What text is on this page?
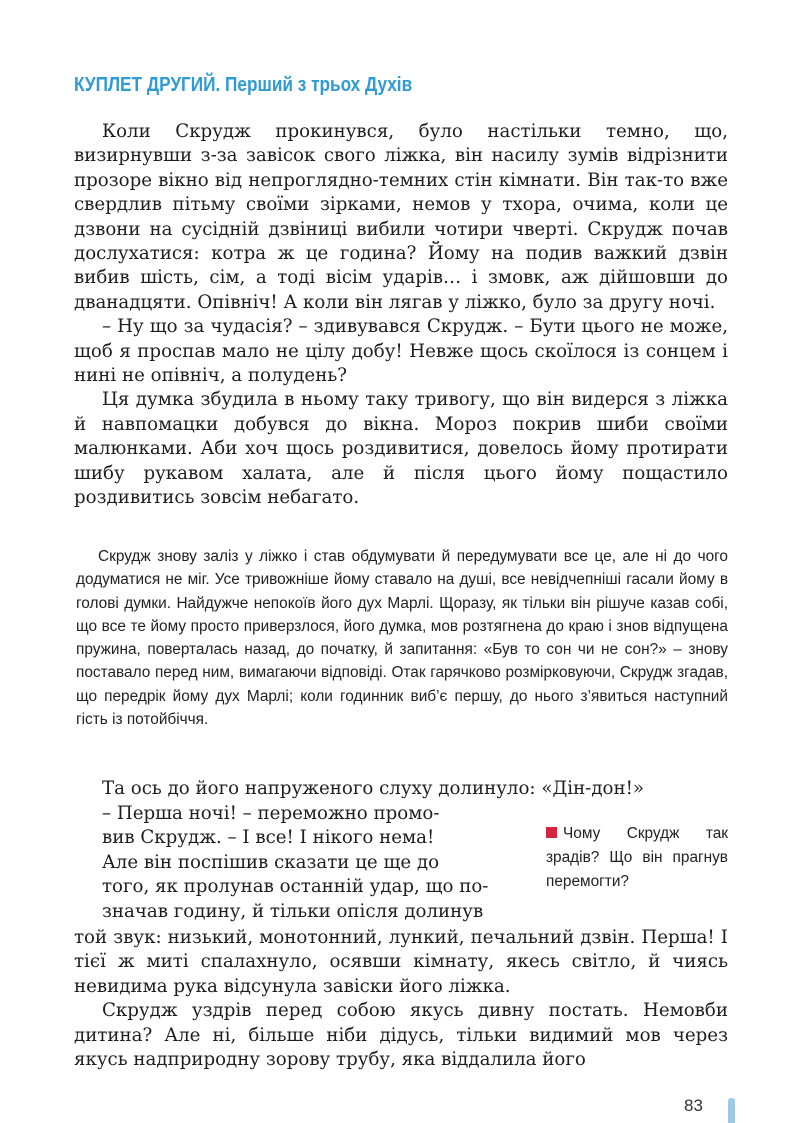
КУПЛЕТ ДРУГИЙ. Перший з трьох Духів

Коли Скрудж прокинувся, було настільки темно, що, визирнувши з-за завісок свого ліжка, він насилу зумів відрізнити прозоре вікно від непроглядно-темних стін кімнати. Він так-то вже свердлив пітьму своїми зірками, немов у тхора, очима, коли це дзвони на сусідній дзвіниці вибили чотири чверті. Скрудж почав дослухатися: котра ж це година? Йому на подив важкий дзвін вибив шість, сім, а тоді вісім ударів… і змовк, аж дійшовши до дванадцяти. Опівніч! А коли він лягав у ліжко, було за другу ночі.

– Ну що за чудасія? – здивувався Скрудж. – Бути цього не може, щоб я проспав мало не цілу добу! Невже щось скоїлося із сонцем і нині не опівніч, а полудень?

Ця думка збудила в ньому таку тривогу, що він видерся з ліжка й навпомацки добувся до вікна. Мороз покрив шиби своїми малюнками. Аби хоч щось роздивитися, довелось йому протирати шибу рукавом халата, але й після цього йому пощастило роздивитись зовсім небагато.

Скрудж знову заліз у ліжко і став обдумувати й передумувати все це, але ні до чого додуматися не міг. Усе тривожніше йому ставало на душі, все невідчепніші гасали йому в голові думки. Найдужче непокоїв його дух Марлі. Щоразу, як тільки він рішуче казав собі, що все те йому просто приверзлося, його думка, мов розтягнена до краю і знов відпущена пружина, поверталась назад, до початку, й запитання: «Був то сон чи не сон?» – знову поставало перед ним, вимагаючи відповіді. Отак гарячково розмірковуючи, Скрудж згадав, що передрік йому дух Марлі; коли годинник виб’є першу, до нього з’явиться наступний гість із потойбіччя.

Та ось до його напруженого слуху долинуло: «Дін-дон!»

– Перша ночі! – переможно промо-

вив Скрудж. – І все! І нікого нема!

Але він поспішив сказати це ще до

того, як пролунав останній удар, що по-

значав годину, й тільки опісля долинув

Чому Скрудж так зрадів? Що він прагнув перемогти?

той звук: низький, монотонний, лункий, печальний дзвін. Перша! І тієї ж миті спалахнуло, осявши кімнату, якесь світло, й чиясь невидима рука відсунула завіски його ліжка.

Скрудж уздрів перед собою якусь дивну постать. Немовби дитина? Але ні, більше ніби дідусь, тільки видимий мов через якусь надприродну зорову трубу, яка віддалила його

83
